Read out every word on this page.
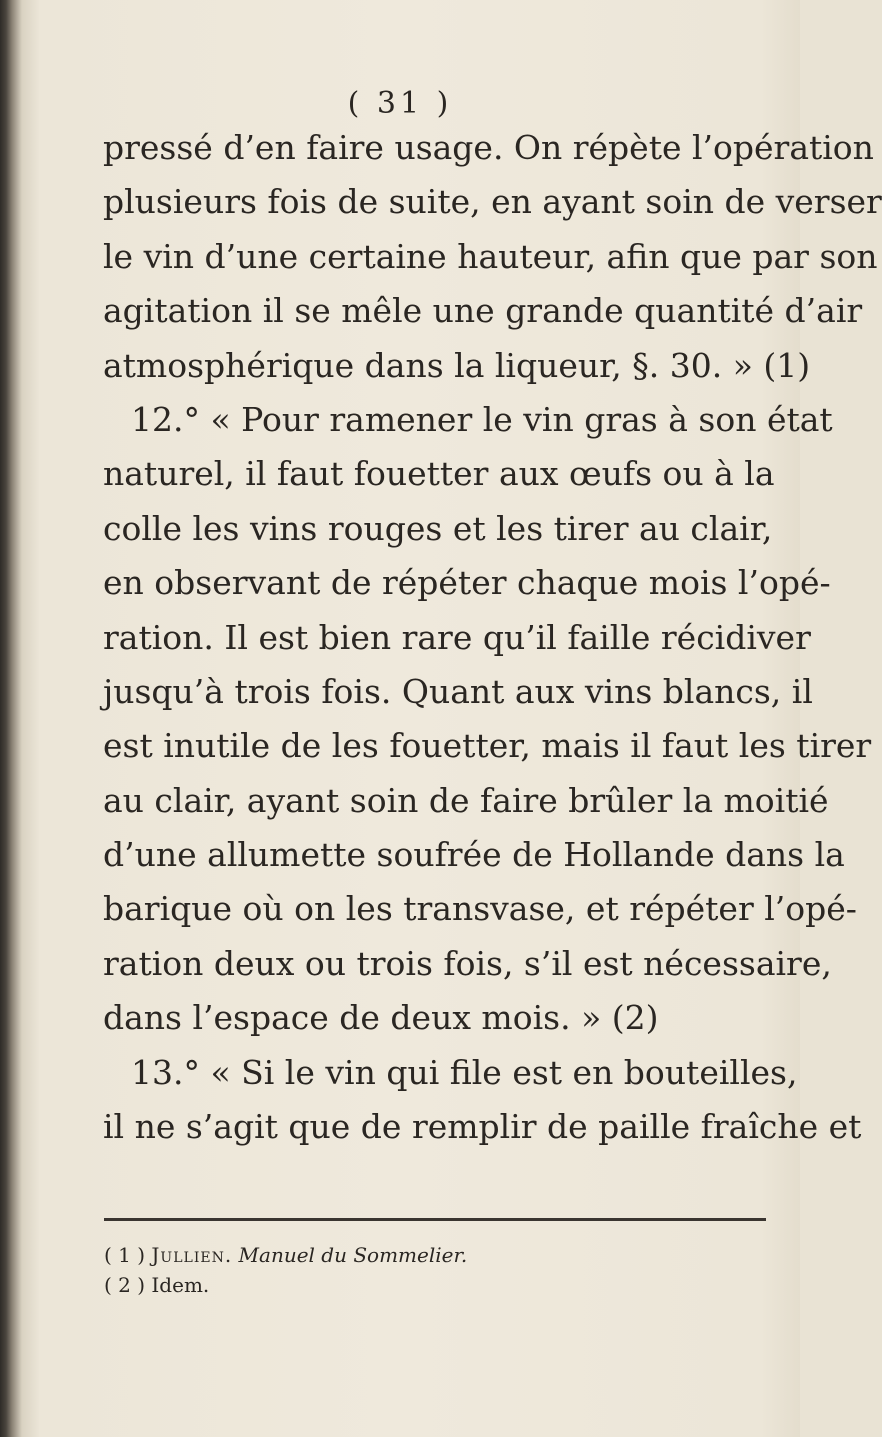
( 31 )
pressé d’en faire usage. On répète l’opération
plusieurs fois de suite, en ayant soin de verser
le vin d’une certaine hauteur, afin que par son
agitation il se mêle une grande quantité d’air
atmosphérique dans la liqueur, §. 30. » (1)
12.° « Pour ramener le vin gras à son état
naturel, il faut fouetter aux œufs ou à la
colle les vins rouges et les tirer au clair,
en observant de répéter chaque mois l’opé-
ration. Il est bien rare qu’il faille récidiver
jusqu’à trois fois. Quant aux vins blancs, il
est inutile de les fouetter, mais il faut les tirer
au clair, ayant soin de faire brûler la moitié
d’une allumette soufrée de Hollande dans la
barique où on les transvase, et répéter l’opé-
ration deux ou trois fois, s’il est nécessaire,
dans l’espace de deux mois. » (2)
13.° « Si le vin qui file est en bouteilles,
il ne s’agit que de remplir de paille fraîche et
( 1 ) Jullien. Manuel du Sommelier.
( 2 ) Idem.
